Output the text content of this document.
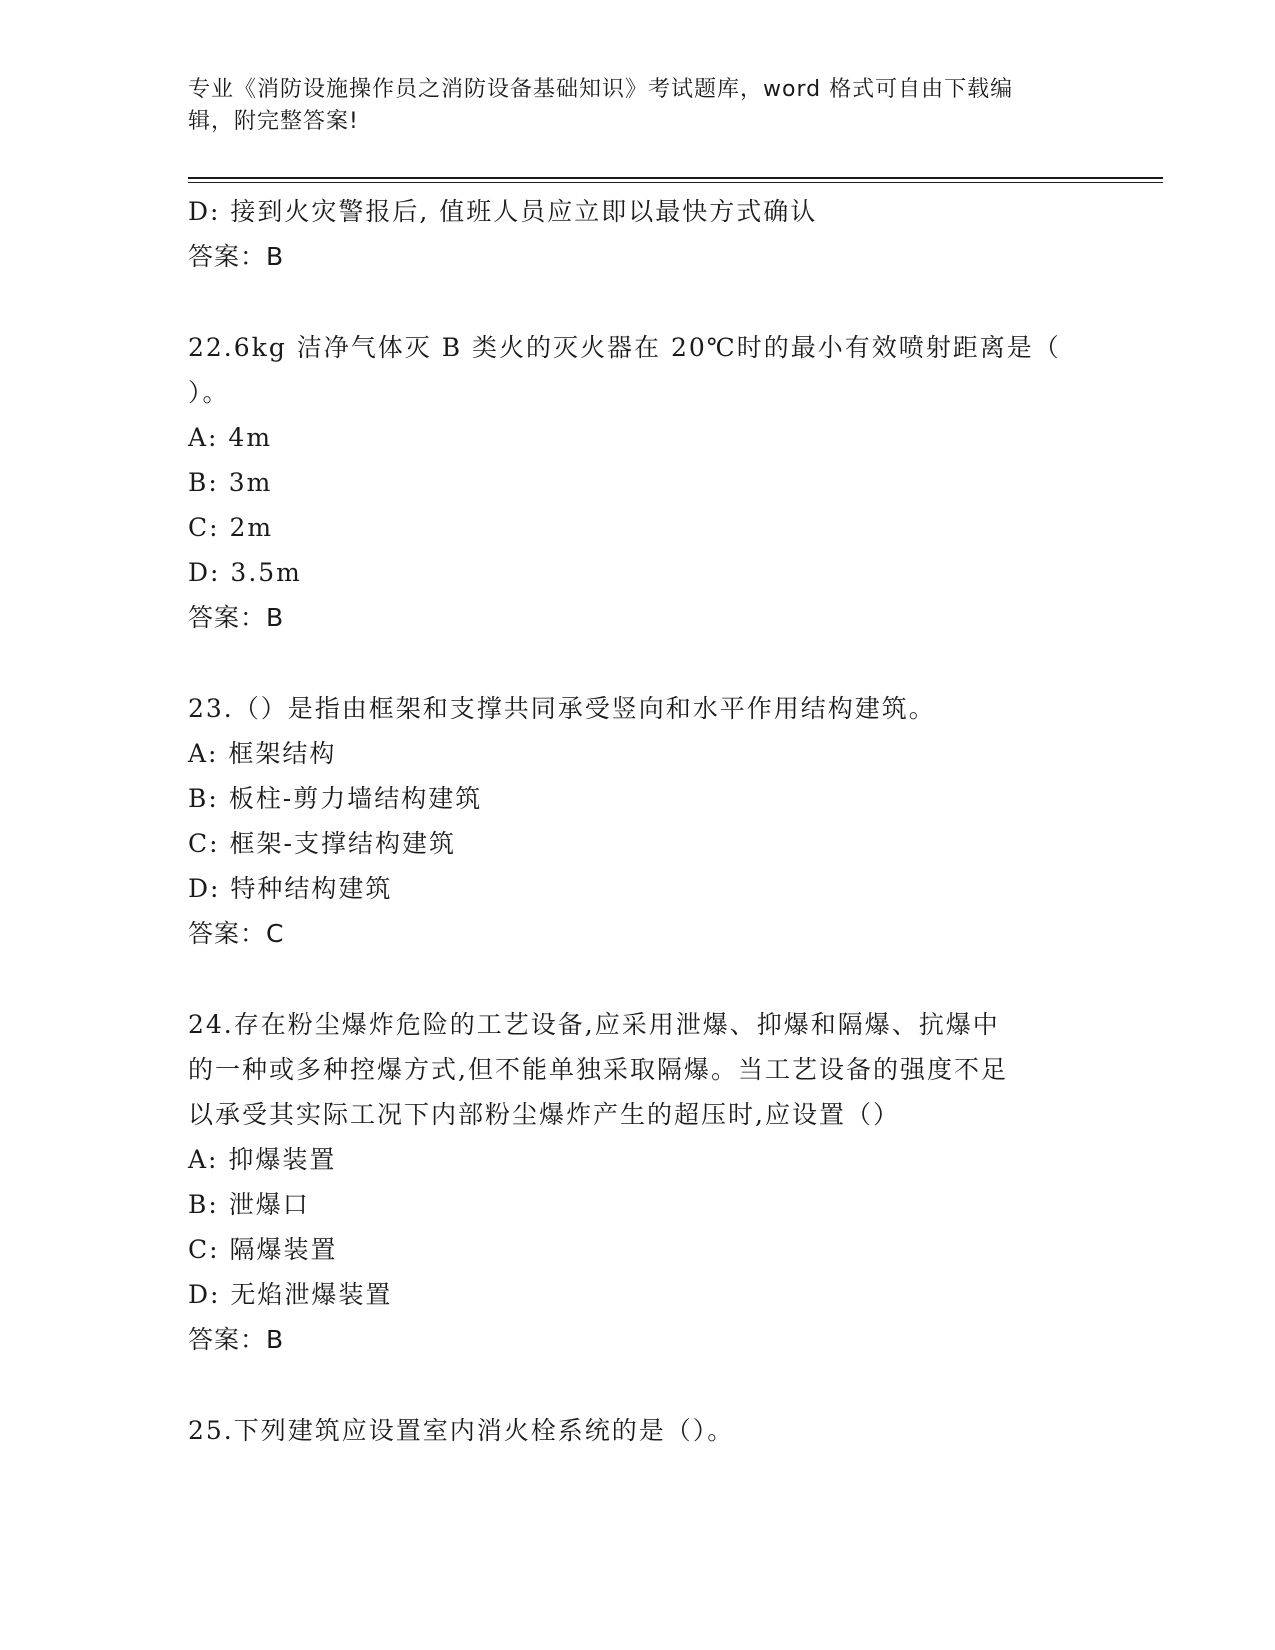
专业《消防设施操作员之消防设备基础知识》考试题库，word 格式可自由下载编
辑，附完整答案!
D: 接到火灾警报后, 值班人员应立即以最快方式确认
答案：B
22.6kg 洁净气体灭 B 类火的灭火器在 20℃时的最小有效喷射距离是（
）。
A: 4m
B: 3m
C: 2m
D: 3.5m
答案：B
23.（）是指由框架和支撑共同承受竖向和水平作用结构建筑。
A: 框架结构
B: 板柱-剪力墙结构建筑
C: 框架-支撑结构建筑
D: 特种结构建筑
答案：C
24.存在粉尘爆炸危险的工艺设备,应采用泄爆、抑爆和隔爆、抗爆中
的一种或多种控爆方式,但不能单独采取隔爆。当工艺设备的强度不足
以承受其实际工况下内部粉尘爆炸产生的超压时,应设置（）
A: 抑爆装置
B: 泄爆口
C: 隔爆装置
D: 无焰泄爆装置
答案：B
25.下列建筑应设置室内消火栓系统的是（）。
